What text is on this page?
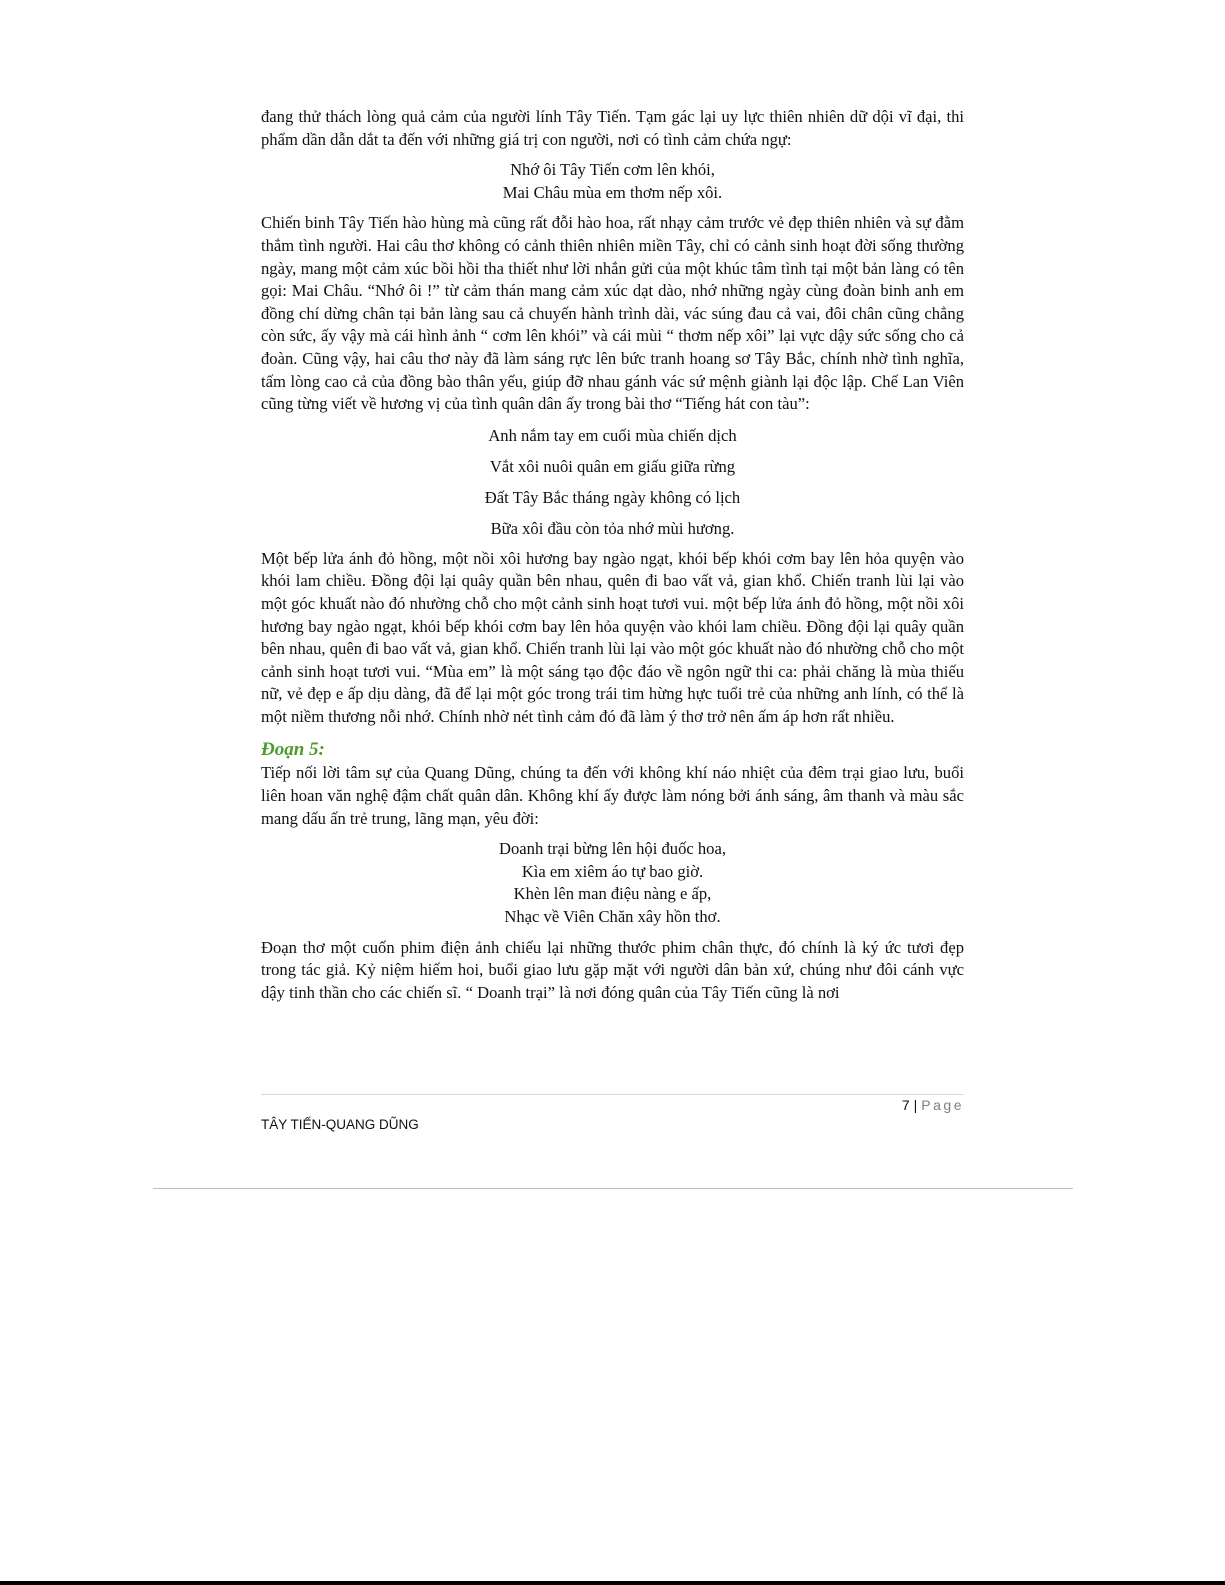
đang thử thách lòng quả cảm của người lính Tây Tiến. Tạm gác lại uy lực thiên nhiên dữ dội vĩ đại, thi phẩm dần dẫn dắt ta đến với những giá trị con người, nơi có tình cảm chứa ngự:

Nhớ ôi Tây Tiến cơm lên khói,
Mai Châu mùa em thơm nếp xôi.

Chiến binh Tây Tiến hào hùng mà cũng rất đỗi hào hoa, rất nhạy cảm trước vẻ đẹp thiên nhiên và sự đằm thắm tình người. Hai câu thơ không có cảnh thiên nhiên miền Tây, chỉ có cảnh sinh hoạt đời sống thường ngày, mang một cảm xúc bồi hồi tha thiết như lời nhắn gửi của một khúc tâm tình tại một bản làng có tên gọi: Mai Châu. “Nhớ ôi !” từ cảm thán mang cảm xúc dạt dào, nhớ những ngày cùng đoàn binh anh em đồng chí dừng chân tại bản làng sau cả chuyến hành trình dài, vác súng đau cả vai, đôi chân cũng chẳng còn sức, ấy vậy mà cái hình ảnh “ cơm lên khói” và cái mùi “ thơm nếp xôi” lại vực dậy sức sống cho cả đoàn. Cũng vậy, hai câu thơ này đã làm sáng rực lên bức tranh hoang sơ Tây Bắc, chính nhờ tình nghĩa, tấm lòng cao cả của đồng bào thân yếu, giúp đỡ nhau gánh vác sứ mệnh giành lại độc lập. Chế Lan Viên cũng từng viết về hương vị của tình quân dân ấy trong bài thơ “Tiếng hát con tàu”:

Anh nắm tay em cuối mùa chiến dịch
Vắt xôi nuôi quân em giấu giữa rừng
Đất Tây Bắc tháng ngày không có lịch
Bữa xôi đầu còn tỏa nhớ mùi hương.

Một bếp lửa ánh đỏ hồng, một nồi xôi hương bay ngào ngạt, khói bếp khói cơm bay lên hỏa quyện vào khói lam chiều. Đồng đội lại quây quần bên nhau, quên đi bao vất vả, gian khổ. Chiến tranh lùi lại vào một góc khuất nào đó nhường chỗ cho một cảnh sinh hoạt tươi vui. một bếp lửa ánh đỏ hồng, một nồi xôi hương bay ngào ngạt, khói bếp khói cơm bay lên hỏa quyện vào khói lam chiều. Đồng đội lại quây quần bên nhau, quên đi bao vất vả, gian khổ. Chiến tranh lùi lại vào một góc khuất nào đó nhường chỗ cho một cảnh sinh hoạt tươi vui. “Mùa em” là một sáng tạo độc đáo về ngôn ngữ thi ca: phải chăng là mùa thiếu nữ, vẻ đẹp e ấp dịu dàng, đã để lại một góc trong trái tim hừng hực tuổi trẻ của những anh lính, có thể là một niềm thương nỗi nhớ. Chính nhờ nét tình cảm đó đã làm ý thơ trở nên ấm áp hơn rất nhiều.

Đoạn 5:

Tiếp nối lời tâm sự của Quang Dũng, chúng ta đến với không khí náo nhiệt của đêm trại giao lưu, buổi liên hoan văn nghệ đậm chất quân dân. Không khí ấy được làm nóng bởi ánh sáng, âm thanh và màu sắc mang dấu ấn trẻ trung, lãng mạn, yêu đời:

Doanh trại bừng lên hội đuốc hoa,
Kìa em xiêm áo tự bao giờ.
Khèn lên man điệu nàng e ấp,
Nhạc về Viên Chăn xây hồn thơ.

Đoạn thơ một cuốn phim điện ảnh chiếu lại những thước phim chân thực, đó chính là ký ức tươi đẹp trong tác giả. Kỷ niệm hiếm hoi, buổi giao lưu gặp mặt với người dân bản xứ, chúng như đôi cánh vực dậy tinh thần cho các chiến sĩ. “ Doanh trại” là nơi đóng quân của Tây Tiến cũng là nơi

7 | Page
TÂY TIẾN-QUANG DŨNG
